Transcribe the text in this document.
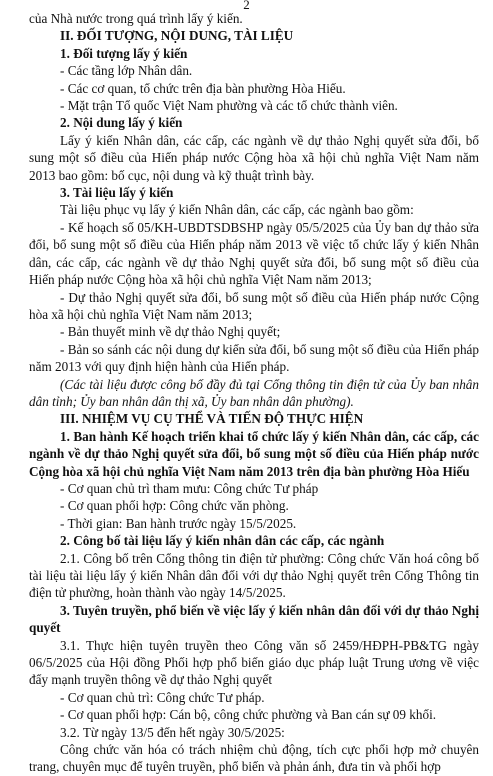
2

của Nhà nước trong quá trình lấy ý kiến.

II. ĐỐI TƯỢNG, NỘI DUNG, TÀI LIỆU

1. Đối tượng lấy ý kiến

- Các tầng lớp Nhân dân.

- Các cơ quan, tổ chức trên địa bàn phường Hòa Hiếu.

- Mặt trận Tổ quốc Việt Nam phường và các tổ chức thành viên.

2. Nội dung lấy ý kiến

Lấy ý kiến Nhân dân, các cấp, các ngành về dự thảo Nghị quyết sửa đổi, bổ sung một số điều của Hiến pháp nước Cộng hòa xã hội chủ nghĩa Việt Nam năm 2013 bao gồm: bố cục, nội dung và kỹ thuật trình bày.

3. Tài liệu lấy ý kiến

Tài liệu phục vụ lấy ý kiến Nhân dân, các cấp, các ngành bao gồm:

- Kế hoạch số 05/KH-UBDTSDBSHP ngày 05/5/2025 của Ủy ban dự thảo sửa đổi, bổ sung một số điều của Hiến pháp năm 2013 về việc tổ chức lấy ý kiến Nhân dân, các cấp, các ngành về dự thảo Nghị quyết sửa đổi, bổ sung một số điều của Hiến pháp nước Cộng hòa xã hội chủ nghĩa Việt Nam năm 2013;

- Dự thảo Nghị quyết sửa đổi, bổ sung một số điều của Hiến pháp nước Cộng hòa xã hội chủ nghĩa Việt Nam năm 2013;

- Bản thuyết minh về dự thảo Nghị quyết;

- Bản so sánh các nội dung dự kiến sửa đổi, bổ sung một số điều của Hiến pháp năm 2013 với quy định hiện hành của Hiến pháp.

(Các tài liệu được công bố đầy đủ tại Cổng thông tin điện tử của Ủy ban nhân dân tỉnh; Ủy ban nhân dân thị xã, Ủy ban nhân dân phường).

III. NHIỆM VỤ CỤ THỂ VÀ TIẾN ĐỘ THỰC HIỆN

1. Ban hành Kế hoạch triển khai tổ chức lấy ý kiến Nhân dân, các cấp, các ngành về dự thảo Nghị quyết sửa đổi, bổ sung một số điều của Hiến pháp nước Cộng hòa xã hội chủ nghĩa Việt Nam năm 2013 trên địa bàn phường Hòa Hiếu

- Cơ quan chủ trì tham mưu: Công chức Tư pháp

- Cơ quan phối hợp: Công chức văn phòng.

- Thời gian: Ban hành trước ngày 15/5/2025.

2. Công bố tài liệu lấy ý kiến nhân dân các cấp, các ngành

2.1. Công bố trên Cổng thông tin điện tử phường: Công chức Văn hoá công bố tài liệu tài liệu lấy ý kiến Nhân dân đối với dự thảo Nghị quyết trên Cổng Thông tin điện tử phường, hoàn thành vào ngày 14/5/2025.

3. Tuyên truyền, phổ biến về việc lấy ý kiến nhân dân đối với dự thảo Nghị quyết

3.1. Thực hiện tuyên truyền theo Công văn số 2459/HĐPH-PB&TG ngày 06/5/2025 của Hội đồng Phối hợp phổ biến giáo dục pháp luật Trung ương về việc đẩy mạnh truyền thông về dự thảo Nghị quyết

- Cơ quan chủ trì: Công chức Tư pháp.

- Cơ quan phối hợp: Cán bộ, công chức phường và Ban cán sự 09 khối.

3.2. Từ ngày 13/5 đến hết ngày 30/5/2025:

Công chức văn hóa có trách nhiệm chủ động, tích cực phối hợp mở chuyên trang, chuyên mục để tuyên truyền, phổ biến và phản ánh, đưa tin và phối hợp
